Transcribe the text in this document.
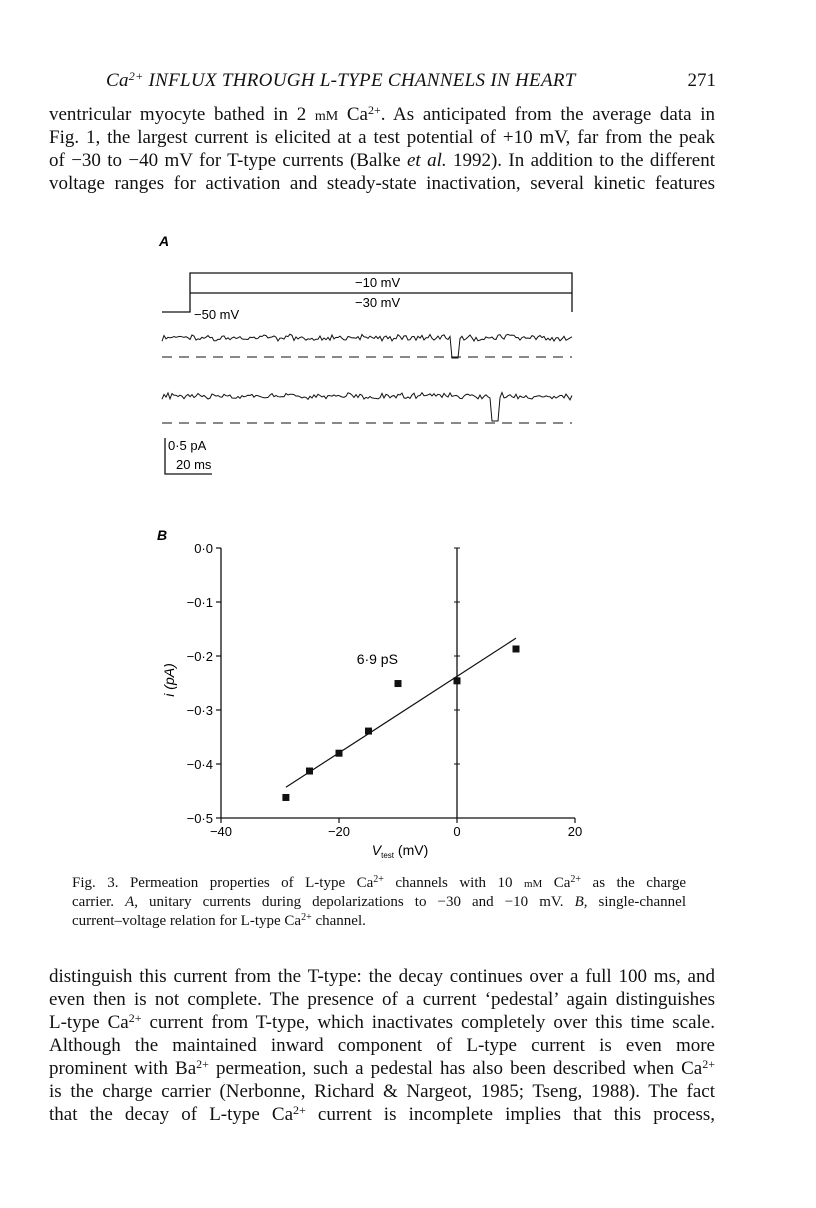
$Ca^{2+}$ INFLUX THROUGH L-TYPE CHANNELS IN HEART	271
ventricular myocyte bathed in 2 mM $Ca^{2+}$. As anticipated from the average data in
Fig. 1, the largest current is elicited at a test potential of +10 mV, far from the peak
of −30 to −40 mV for T-type currents (Balke et al. 1992). In addition to the different
voltage ranges for activation and steady-state inactivation, several kinetic features
A
−10 mV
−30 mV
−50 mV
0·5 pA
20 ms
B
0·0
−0·1
−0·2
−0·3
−0·4
−0·5
−40	20
0
−20
i (pA)
$V_{test}$ (mV)
6·9 pS
Fig. 3. Permeation properties of L-type $Ca^{2+}$ channels with 10 mM $Ca^{2+}$ as the charge
carrier. A, unitary currents during depolarizations to −30 and −10 mV. B, single-channel
current–voltage relation for L-type $Ca^{2+}$ channel.
distinguish this current from the T-type: the decay continues over a full 100 ms, and
even then is not complete. The presence of a current ‘pedestal’ again distinguishes
L-type $Ca^{2+}$ current from T-type, which inactivates completely over this time scale.
Although the maintained inward component of L-type current is even more
prominent with $Ba^{2+}$ permeation, such a pedestal has also been described when $Ca^{2+}$
is the charge carrier (Nerbonne, Richard & Nargeot, 1985; Tseng, 1988). The fact
that the decay of L-type $Ca^{2+}$ current is incomplete implies that this process,
